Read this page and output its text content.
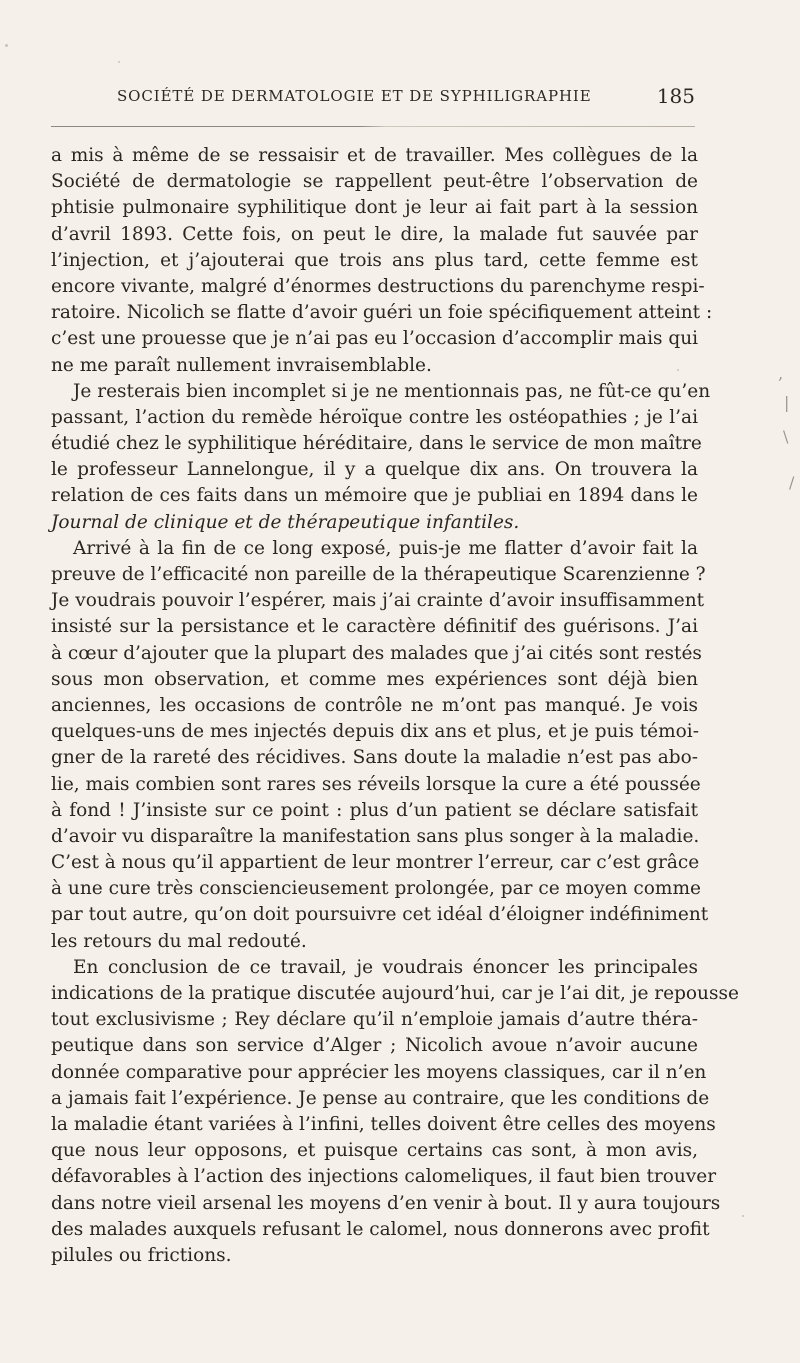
SOCIÉTÉ DE DERMATOLOGIE ET DE SYPHILIGRAPHIE	185
a mis à même de se ressaisir et de travailler. Mes collègues de la
Société de dermatologie se rappellent peut-être l’observation de
phtisie pulmonaire syphilitique dont je leur ai fait part à la session
d’avril 1893. Cette fois, on peut le dire, la malade fut sauvée par
l’injection, et j’ajouterai que trois ans plus tard, cette femme est
encore vivante, malgré d’énormes destructions du parenchyme respi-
ratoire. Nicolich se flatte d’avoir guéri un foie spécifiquement atteint :
c’est une prouesse que je n’ai pas eu l’occasion d’accomplir mais qui
ne me paraît nullement invraisemblable.
Je resterais bien incomplet si je ne mentionnais pas, ne fût-ce qu’en
passant, l’action du remède héroïque contre les ostéopathies ; je l’ai
étudié chez le syphilitique héréditaire, dans le service de mon maître
le professeur Lannelongue, il y a quelque dix ans. On trouvera la
relation de ces faits dans un mémoire que je publiai en 1894 dans le
Journal de clinique et de thérapeutique infantiles.
Arrivé à la fin de ce long exposé, puis-je me flatter d’avoir fait la
preuve de l’efficacité non pareille de la thérapeutique Scarenzienne ?
Je voudrais pouvoir l’espérer, mais j’ai crainte d’avoir insuffisamment
insisté sur la persistance et le caractère définitif des guérisons. J’ai
à cœur d’ajouter que la plupart des malades que j’ai cités sont restés
sous mon observation, et comme mes expériences sont déjà bien
anciennes, les occasions de contrôle ne m’ont pas manqué. Je vois
quelques-uns de mes injectés depuis dix ans et plus, et je puis témoi-
gner de la rareté des récidives. Sans doute la maladie n’est pas abo-
lie, mais combien sont rares ses réveils lorsque la cure a été poussée
à fond ! J’insiste sur ce point : plus d’un patient se déclare satisfait
d’avoir vu disparaître la manifestation sans plus songer à la maladie.
C’est à nous qu’il appartient de leur montrer l’erreur, car c’est grâce
à une cure très consciencieusement prolongée, par ce moyen comme
par tout autre, qu’on doit poursuivre cet idéal d’éloigner indéfiniment
les retours du mal redouté.
En conclusion de ce travail, je voudrais énoncer les principales
indications de la pratique discutée aujourd’hui, car je l’ai dit, je repousse
tout exclusivisme ; Rey déclare qu’il n’emploie jamais d’autre théra-
peutique dans son service d’Alger ; Nicolich avoue n’avoir aucune
donnée comparative pour apprécier les moyens classiques, car il n’en
a jamais fait l’expérience. Je pense au contraire, que les conditions de
la maladie étant variées à l’infini, telles doivent être celles des moyens
que nous leur opposons, et puisque certains cas sont, à mon avis,
défavorables à l’action des injections calomeliques, il faut bien trouver
dans notre vieil arsenal les moyens d’en venir à bout. Il y aura toujours
des malades auxquels refusant le calomel, nous donnerons avec profit
pilules ou frictions.
‚
|
\
/
